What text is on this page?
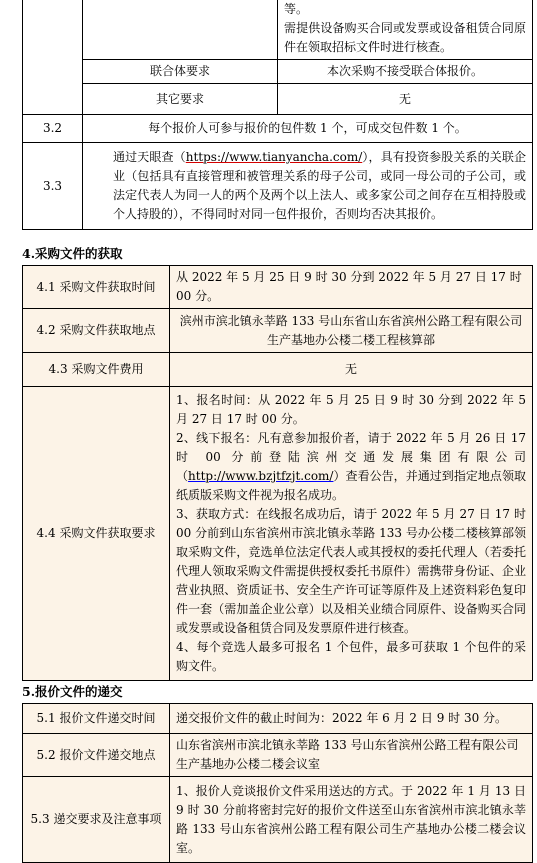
		等。
需提供设备购买合同或发票或设备租赁合同原件在领取招标文件时进行核查。

	联合体要求	本次采购不接受联合体报价。
	其它要求	无
3.2	每个报价人可参与报价的包件数 1 个，可成交包件数 1 个。	
3.3	通过天眼查（https://www.tianyancha.com/），具有投资参股关系的关联企业（包括具有直接管理和被管理关系的母子公司，或同一母公司的子公司，或法定代表人为同一人的两个及两个以上法人、或多家公司之间存在互相持股或个人持股的），不得同时对同一包件报价，否则均否决其报价。	
4.采购文件的获取
4.1 采购文件获取时间	从 2022 年 5 月 25 日 9 时 30 分到 2022 年 5 月 27 日 17 时 00 分。
4.2 采购文件获取地点	滨州市滨北镇永莘路 133 号山东省山东省滨州公路工程有限公司生产基地办公楼二楼工程核算部
4.3 采购文件费用	无
4.4 采购文件获取要求	1、报名时间：从 2022 年 5 月 25 日 9 时 30 分到 2022 年 5 月 27 日 17 时 00 分。
2、线下报名：凡有意参加报价者，请于 2022 年 5 月 26 日 17 时 00 分前登陆滨州交通发展集团有限公司（http://www.bzjtfzjt.com/）查看公告，并通过到指定地点领取纸质版采购文件视为报名成功。
3、获取方式：在线报名成功后，请于 2022 年 5 月 27 日 17 时 00 分前到山东省滨州市滨北镇永莘路 133 号办公楼二楼核算部领取采购文件，竞选单位法定代表人或其授权的委托代理人（若委托代理人领取采购文件需提供授权委托书原件）需携带身份证、企业营业执照、资质证书、安全生产许可证等原件及上述资料彩色复印件一套（需加盖企业公章）以及相关业绩合同原件、设备购买合同或发票或设备租赁合同及发票原件进行核查。
4、每个竞选人最多可报名 1 个包件，最多可获取 1 个包件的采购文件。
5.报价文件的递交
5.1 报价文件递交时间	递交报价文件的截止时间为：2022 年 6 月 2 日 9 时 30 分。
5.2 报价文件递交地点	山东省滨州市滨北镇永莘路 133 号山东省滨州公路工程有限公司生产基地办公楼二楼会议室
5.3 递交要求及注意事项	1、报价人竞谈报价文件采用送达的方式。于 2022 年 1 月 13 日 9 时 30 分前将密封完好的报价文件送至山东省滨州市滨北镇永莘路 133 号山东省滨州公路工程有限公司生产基地办公楼二楼会议室。
